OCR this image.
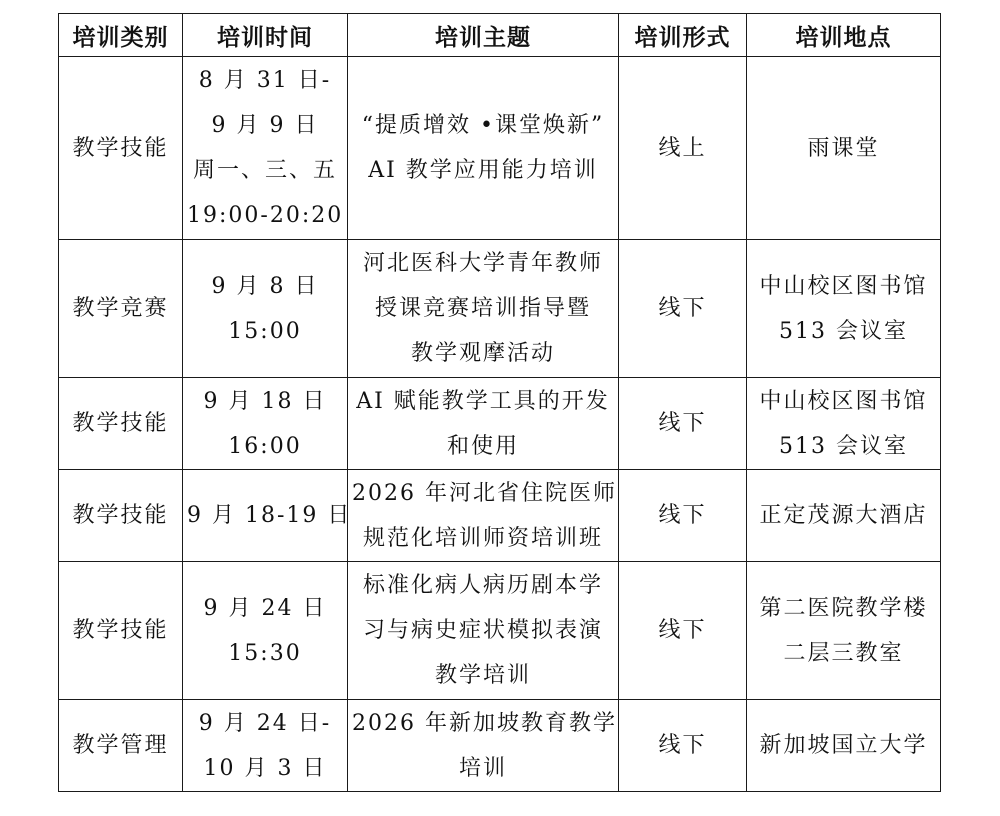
培训类别	培训时间	培训主题	培训形式	培训地点

教学技能	8 月 31 日-
9 月 9 日
周一、三、五
19:00-20:20	“提质增效 •课堂焕新”
AI 教学应用能力培训	线上	雨课堂

教学竞赛	9 月 8 日
15:00	河北医科大学青年教师
授课竞赛培训指导暨
教学观摩活动	线下	中山校区图书馆
513 会议室

教学技能	9 月 18 日
16:00	AI 赋能教学工具的开发
和使用	线下	中山校区图书馆
513 会议室

教学技能	9 月 18-19 日	2026 年河北省住院医师
规范化培训师资培训班	线下	正定茂源大酒店

教学技能	9 月 24 日
15:30	标准化病人病历剧本学
习与病史症状模拟表演
教学培训	线下	第二医院教学楼
二层三教室

教学管理	9 月 24 日-
10 月 3 日	2026 年新加坡教育教学
培训	线下	新加坡国立大学
